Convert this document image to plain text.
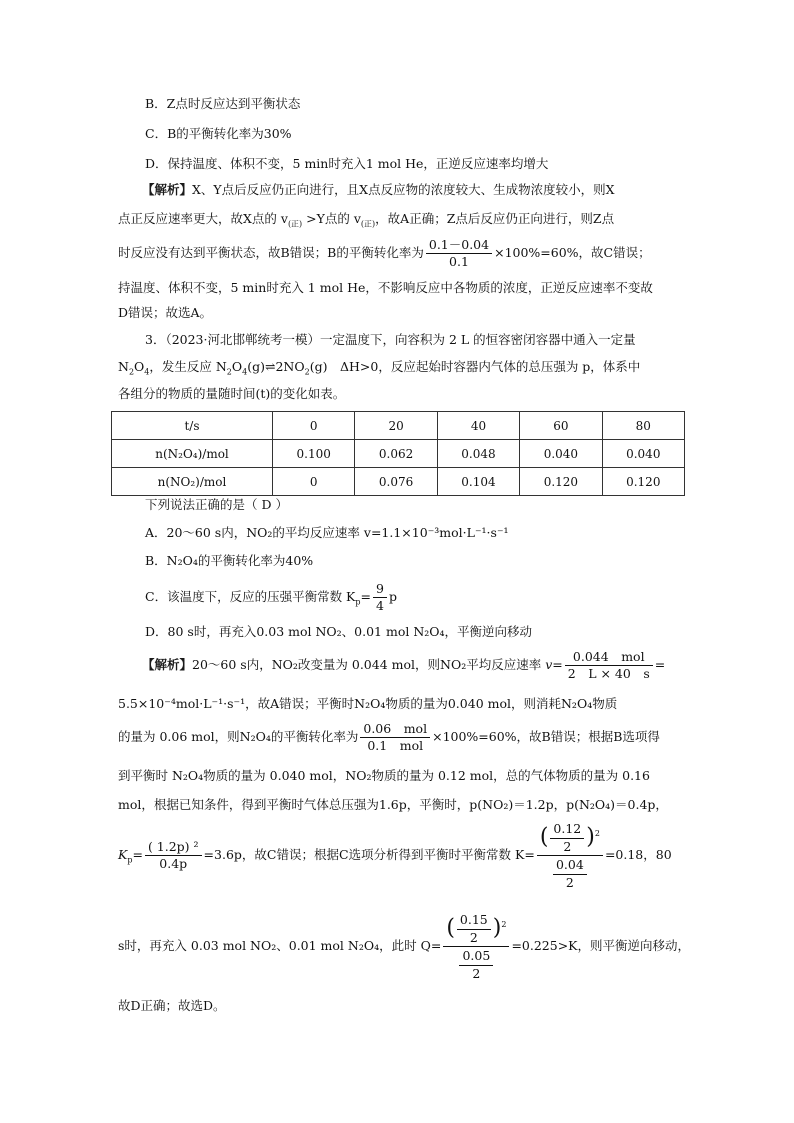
B．Z点时反应达到平衡状态
C．B的平衡转化率为30%
D．保持温度、体积不变，5 min时充入1 mol He，正逆反应速率均增大
【解析】X、Y点后反应仍正向进行，且X点反应物的浓度较大、生成物浓度较小，则X
点正反应速率更大，故X点的 $v_{(正)} >Y$点的 $v_{(正)}$，故A正确；Z点后反应仍正向进行，则Z点
时反应没有达到平衡状态，故B错误；B的平衡转化率为 $\frac{0.1-0.04}{0.1} \times 100\%=60\%$，故C错误；
持温度、体积不变，5 min时充入 1 mol He，不影响反应中各物质的浓度，正逆反应速率不变故
D错误；故选A。
3．（2023·河北邯郸统考一模）一定温度下，向容积为 2 L 的恒容密闭容器中通入一定量
$N_2O_4$，发生反应 $N_2O_4(g)\rightleftharpoons 2NO_2(g)$　ΔH>0，反应起始时容器内气体的总压强为 p，体系中
各组分的物质的量随时间(t)的变化如表。
t/s	0	20	40	60	80
n(N₂O₄)/mol	0.100	0.062	0.048	0.040	0.040
n(NO₂)/mol	0	0.076	0.104	0.120	0.120
下列说法正确的是（ D ）
A．20～60 s内，NO₂的平均反应速率 v=1.1×10⁻³mol·L⁻¹·s⁻¹
B．N₂O₄的平衡转化率为40%
C．该温度下，反应的压强平衡常数 $K_p= \frac{9}{4}$ p
D．80 s时，再充入0.03 mol NO₂、0.01 mol N₂O₄，平衡逆向移动
【解析】20～60 s内，NO₂改变量为 0.044 mol，则NO₂平均反应速率 $v= \frac{\text{0.044　mol}}{2 L \times 40 s}$ =
5.5×10⁻⁴mol·L⁻¹·s⁻¹，故A错误；平衡时N₂O₄物质的量为0.040 mol，则消耗N₂O₄物质
的量为 0.06 mol，则N₂O₄的平衡转化率为 $\frac{\text{0.06　mol}}{\text{0.1　mol}} \times 100\%=60\%$，故B错误；根据B选项得
到平衡时 N₂O₄物质的量为 0.040 mol，NO₂物质的量为 0.12 mol，总的气体物质的量为 0.16
mol，根据已知条件，得到平衡时气体总压强为1.6p，平衡时，p(NO₂)＝1.2p，p(N₂O₄)＝0.4p，
$K_p= \frac{\text{( 1.2p) ²}}{0.4p} =3.6p$，故C错误；根据C选项分析得到平衡时平衡常数 $K= \frac{( \frac{0.12}{2} )^2}{\frac{0.04}{2}} =0.18$，80
s时，再充入 0.03 mol NO₂、0.01 mol N₂O₄，此时 $Q= \frac{( \frac{0.15}{2} )^2}{\frac{0.05}{2}} =0.225>K$，则平衡逆向移动，
故D正确；故选D。
